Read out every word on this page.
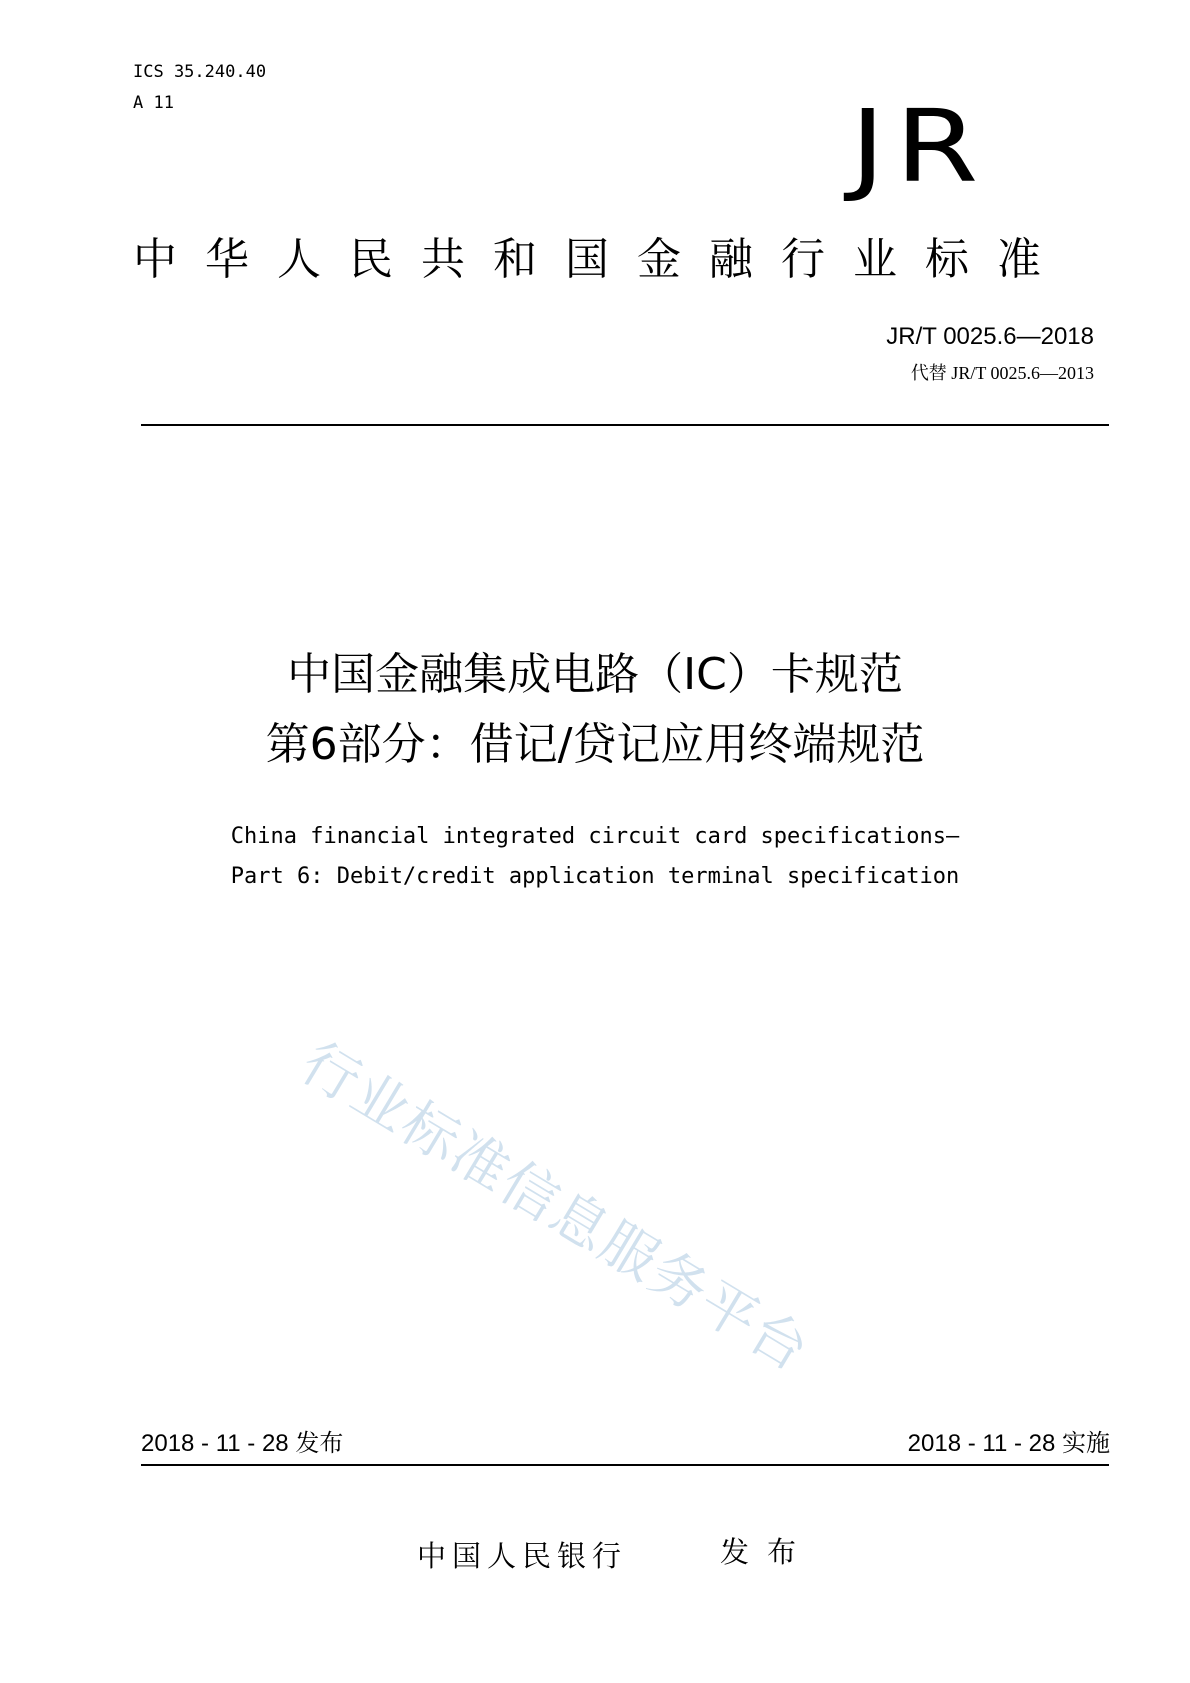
ICS 35.240.40
A 11	JR
中华人民共和国金融行业标准
JR/T 0025.6—2018
代替 JR/T 0025.6—2013
中国金融集成电路（IC）卡规范
第6部分：借记/贷记应用终端规范
China financial integrated circuit card specifications—
Part 6: Debit/credit application terminal specification
行业标准信息服务平台
2018 - 11 - 28 发布	2018 - 11 - 28 实施
中国人民银行	发布
